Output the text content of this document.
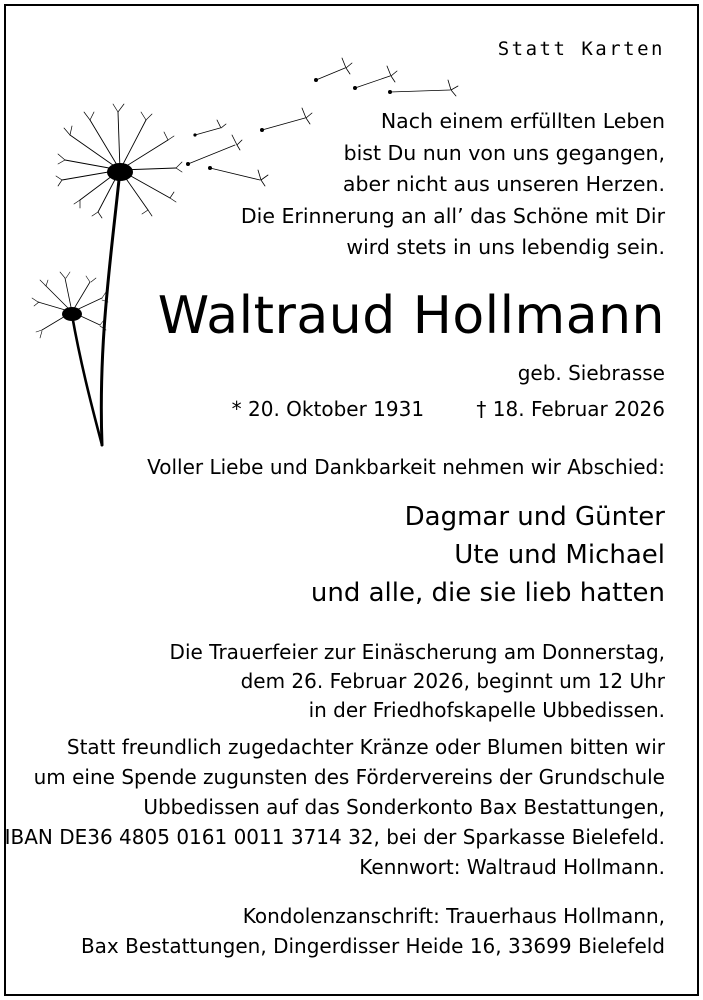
Statt Karten
Nach einem erfüllten Leben
bist Du nun von uns gegangen,
aber nicht aus unseren Herzen.
Die Erinnerung an all’ das Schöne mit Dir
wird stets in uns lebendig sein.
Waltraud Hollmann
geb. Siebrasse
* 20. Oktober 1931	† 18. Februar 2026
Voller Liebe und Dankbarkeit nehmen wir Abschied:
Dagmar und Günter
Ute und Michael
und alle, die sie lieb hatten
Die Trauerfeier zur Einäscherung am Donnerstag,
dem 26. Februar 2026, beginnt um 12 Uhr
in der Friedhofskapelle Ubbedissen.
Statt freundlich zugedachter Kränze oder Blumen bitten wir
um eine Spende zugunsten des Fördervereins der Grundschule
Ubbedissen auf das Sonderkonto Bax Bestattungen,
IBAN DE36 4805 0161 0011 3714 32, bei der Sparkasse Bielefeld.
Kennwort: Waltraud Hollmann.
Kondolenzanschrift: Trauerhaus Hollmann,
Bax Bestattungen, Dingerdisser Heide 16, 33699 Bielefeld
